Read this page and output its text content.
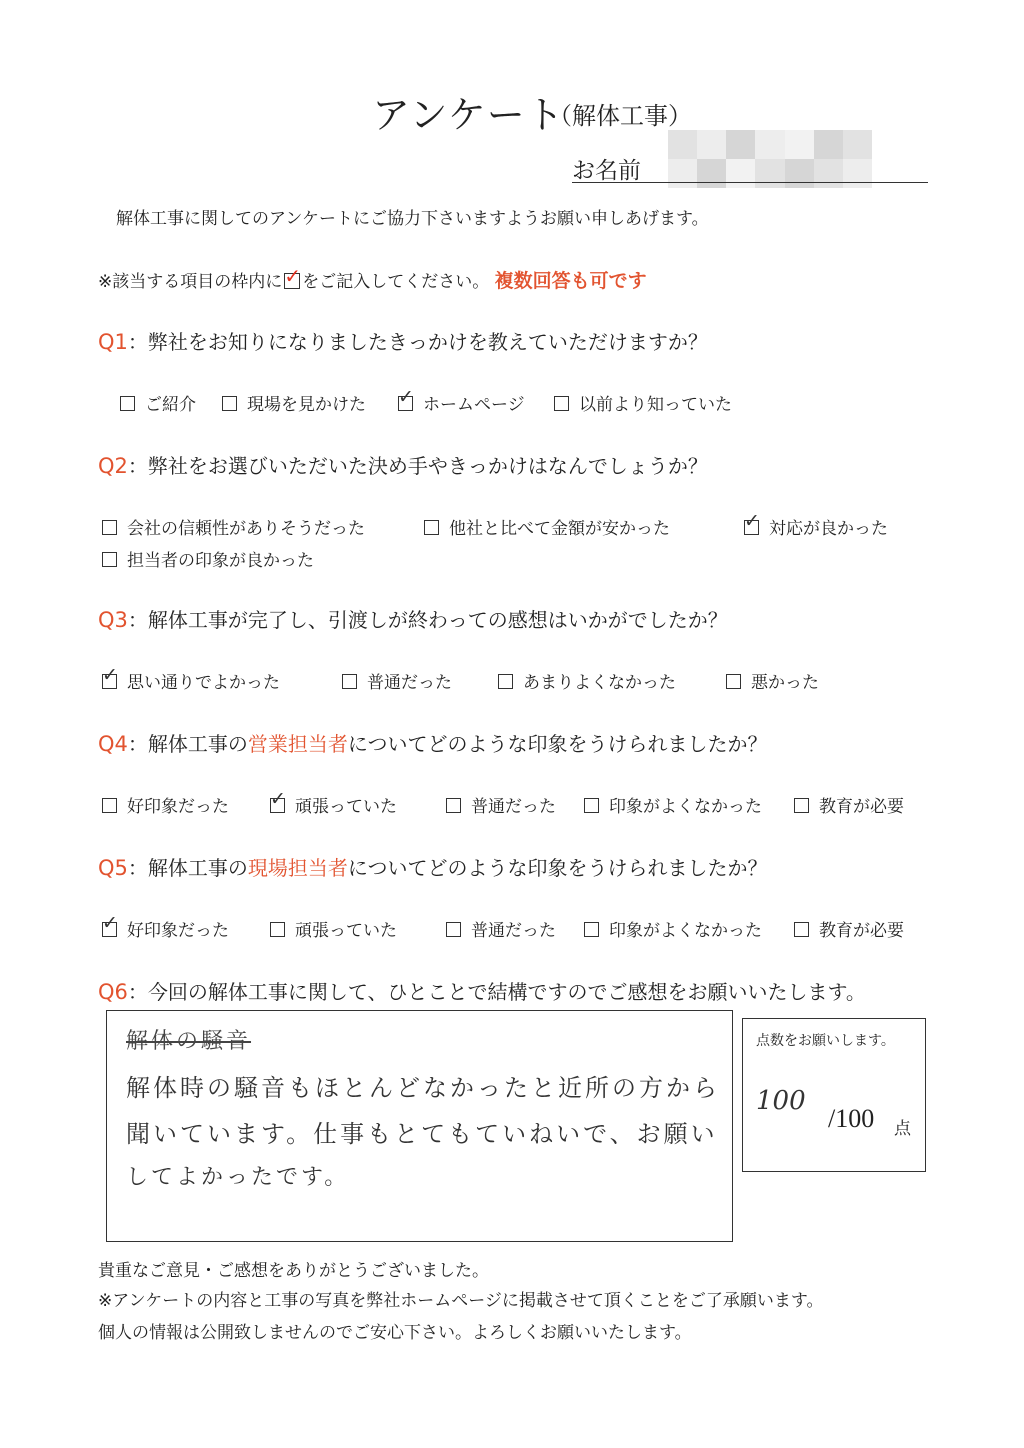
アンケート
（解体工事）
お名前
解体工事に関してのアンケートにご協力下さいますようお願い申しあげます。
※該当する項目の枠内に ✓ をご記入してください。 複数回答も可です
Q1：弊社をお知りになりましたきっかけを教えていただけますか？
ご紹介	現場を見かけた ✓ ホームページ	以前より知っていた
Q2：弊社をお選びいただいた決め手やきっかけはなんでしょうか？
会社の信頼性がありそうだった	他社と比べて金額が安かった	✓ 対応が良かった
担当者の印象が良かった
Q3：解体工事が完了し、引渡しが終わっての感想はいかがでしたか？
✓ 思い通りでよかった	普通だった	あまりよくなかった	悪かった
Q4：解体工事の営業担当者についてどのような印象をうけられましたか？
好印象だった ✓ 頑張っていた	普通だった	印象がよくなかった	教育が必要
Q5：解体工事の現場担当者についてどのような印象をうけられましたか？
✓ 好印象だった	頑張っていた	普通だった	印象がよくなかった	教育が必要
Q6：今回の解体工事に関して、ひとことで結構ですのでご感想をお願いいたします。
解体の騒音
解体時の騒音もほとんどなかったと近所の方から
聞いています。仕事もとてもていねいで、お願い
してよかったです。
点数をお願いします。
100
/100 点
貴重なご意見・ご感想をありがとうございました。
※アンケートの内容と工事の写真を弊社ホームページに掲載させて頂くことをご了承願います。
個人の情報は公開致しませんのでご安心下さい。よろしくお願いいたします。
